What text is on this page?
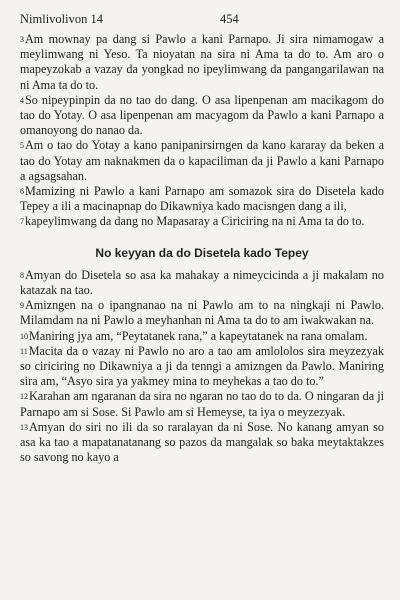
Nimlivolivon 14	454

3Am mownay pa dang si Pawlo a kani Parnapo. Ji sira nimamogaw a meylimwang ni Yeso. Ta nioyatan na sira ni Ama ta do to. Am aro o mapeyzokab a vazay da yongkad no ipeylimwang da pangangarilawan na ni Ama ta do to.

4So nipeypinpin da no tao do dang. O asa lipenpenan am macikagom do tao do Yotay. O asa lipenpenan am macyagom da Pawlo a kani Parnapo a omanoyong do nanao da.

5Am o tao do Yotay a kano panipanirsirngen da kano kararay da beken a tao do Yotay am naknakmen da o kapaciliman da ji Pawlo a kani Parnapo a agsagsahan.

6Mamizing ni Pawlo a kani Parnapo am somazok sira do Disetela kado Tepey a ili a macinapnap do Dikawniya kado macisngen dang a ili,

7kapeylimwang da dang no Mapasaray a Ciriciring na ni Ama ta do to.

No keyyan da do Disetela kado Tepey

8Amyan do Disetela so asa ka mahakay a nimeycicinda a ji makalam no katazak na tao.

9Amizngen na o ipangnanao na ni Pawlo am to na ningkaji ni Pawlo. Milamdam na ni Pawlo a meyhanhan ni Ama ta do to am iwakwakan na.

10Maniring jya am, “Peytatanek rana,” a kapeytatanek na rana omalam.

11Macita da o vazay ni Pawlo no aro a tao am amlololos sira meyzezyak so ciriciring no Dikawniya a ji da tenngi a amizngen da Pawlo. Maniring sira am, “Asyo sira ya yakmey mina to meyhekas a tao do to.”

12Karahan am ngaranan da sira no ngaran no tao do to da. O ningaran da ji Parnapo am si Sose. Si Pawlo am si Hemeyse, ta iya o meyzezyak.

13Amyan do siri no ili da so raralayan da ni Sose. No kanang amyan so asa ka tao a mapatanatanang so pazos da mangalak so baka meytaktakzes so savong no kayo a
